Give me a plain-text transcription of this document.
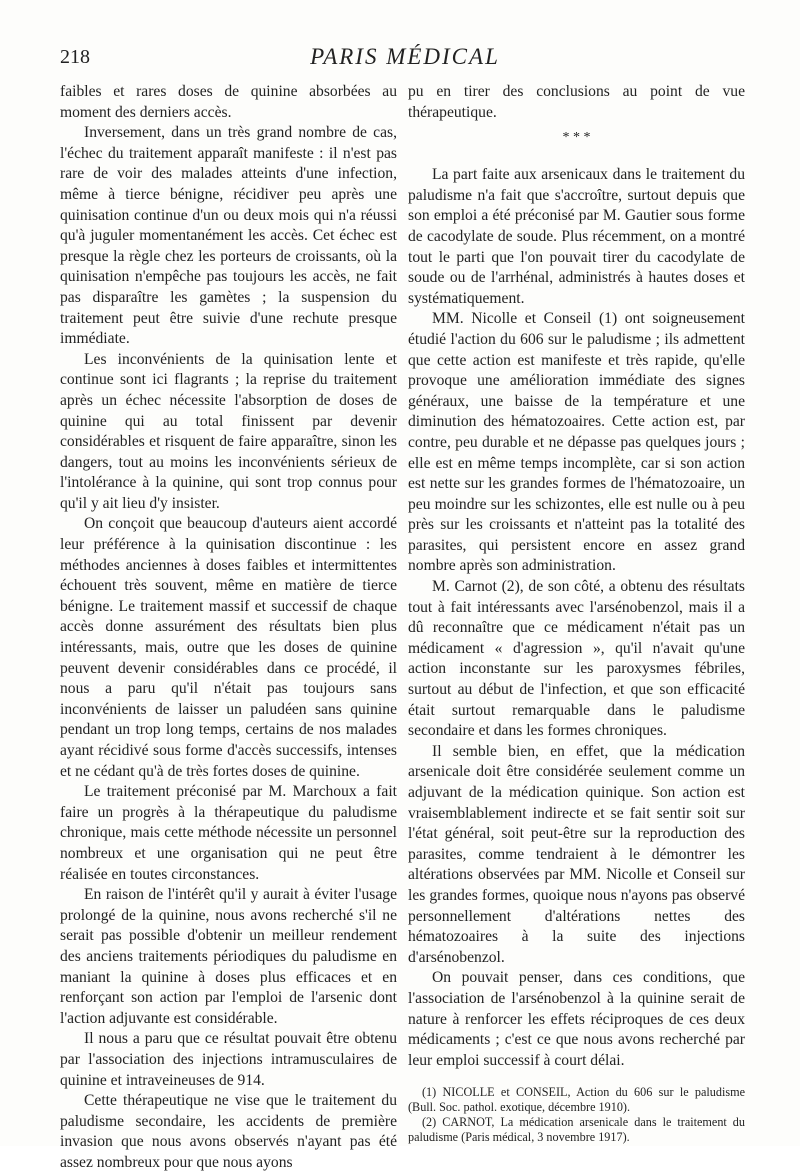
218	PARIS MÉDICAL

faibles et rares doses de quinine absorbées au moment des derniers accès.

Inversement, dans un très grand nombre de cas, l'échec du traitement apparaît manifeste : il n'est pas rare de voir des malades atteints d'une infection, même à tierce bénigne, récidiver peu après une quinisation continue d'un ou deux mois qui n'a réussi qu'à juguler momentanément les accès. Cet échec est presque la règle chez les porteurs de croissants, où la quinisation n'empêche pas toujours les accès, ne fait pas disparaître les gamètes ; la suspension du traitement peut être suivie d'une rechute presque immédiate.

Les inconvénients de la quinisation lente et continue sont ici flagrants ; la reprise du traitement après un échec nécessite l'absorption de doses de quinine qui au total finissent par devenir considérables et risquent de faire apparaître, sinon les dangers, tout au moins les inconvénients sérieux de l'intolérance à la quinine, qui sont trop connus pour qu'il y ait lieu d'y insister.

On conçoit que beaucoup d'auteurs aient accordé leur préférence à la quinisation discontinue : les méthodes anciennes à doses faibles et intermittentes échouent très souvent, même en matière de tierce bénigne. Le traitement massif et successif de chaque accès donne assurément des résultats bien plus intéressants, mais, outre que les doses de quinine peuvent devenir considérables dans ce procédé, il nous a paru qu'il n'était pas toujours sans inconvénients de laisser un paludéen sans quinine pendant un trop long temps, certains de nos malades ayant récidivé sous forme d'accès successifs, intenses et ne cédant qu'à de très fortes doses de quinine.

Le traitement préconisé par M. Marchoux a fait faire un progrès à la thérapeutique du paludisme chronique, mais cette méthode nécessite un personnel nombreux et une organisation qui ne peut être réalisée en toutes circonstances.

En raison de l'intérêt qu'il y aurait à éviter l'usage prolongé de la quinine, nous avons recherché s'il ne serait pas possible d'obtenir un meilleur rendement des anciens traitements périodiques du paludisme en maniant la quinine à doses plus efficaces et en renforçant son action par l'emploi de l'arsenic dont l'action adjuvante est considérable.

Il nous a paru que ce résultat pouvait être obtenu par l'association des injections intramusculaires de quinine et intraveineuses de 914.

Cette thérapeutique ne vise que le traitement du paludisme secondaire, les accidents de première invasion que nous avons observés n'ayant pas été assez nombreux pour que nous ayons

pu en tirer des conclusions au point de vue thérapeutique.

* * *

La part faite aux arsenicaux dans le traitement du paludisme n'a fait que s'accroître, surtout depuis que son emploi a été préconisé par M. Gautier sous forme de cacodylate de soude. Plus récemment, on a montré tout le parti que l'on pouvait tirer du cacodylate de soude ou de l'arrhénal, administrés à hautes doses et systématiquement.

MM. Nicolle et Conseil (1) ont soigneusement étudié l'action du 606 sur le paludisme ; ils admettent que cette action est manifeste et très rapide, qu'elle provoque une amélioration immédiate des signes généraux, une baisse de la température et une diminution des hématozoaires. Cette action est, par contre, peu durable et ne dépasse pas quelques jours ; elle est en même temps incomplète, car si son action est nette sur les grandes formes de l'hématozoaire, un peu moindre sur les schizontes, elle est nulle ou à peu près sur les croissants et n'atteint pas la totalité des parasites, qui persistent encore en assez grand nombre après son administration.

M. Carnot (2), de son côté, a obtenu des résultats tout à fait intéressants avec l'arsénobenzol, mais il a dû reconnaître que ce médicament n'était pas un médicament « d'agression », qu'il n'avait qu'une action inconstante sur les paroxysmes fébriles, surtout au début de l'infection, et que son efficacité était surtout remarquable dans le paludisme secondaire et dans les formes chroniques.

Il semble bien, en effet, que la médication arsenicale doit être considérée seulement comme un adjuvant de la médication quinique. Son action est vraisemblablement indirecte et se fait sentir soit sur l'état général, soit peut-être sur la reproduction des parasites, comme tendraient à le démontrer les altérations observées par MM. Nicolle et Conseil sur les grandes formes, quoique nous n'ayons pas observé personnellement d'altérations nettes des hématozoaires à la suite des injections d'arsénobenzol.

On pouvait penser, dans ces conditions, que l'association de l'arsénobenzol à la quinine serait de nature à renforcer les effets réciproques de ces deux médicaments ; c'est ce que nous avons recherché par leur emploi successif à court délai.

(1) NICOLLE et CONSEIL, Action du 606 sur le paludisme (Bull. Soc. pathol. exotique, décembre 1910).

(2) CARNOT, La médication arsenicale dans le traitement du paludisme (Paris médical, 3 novembre 1917).
